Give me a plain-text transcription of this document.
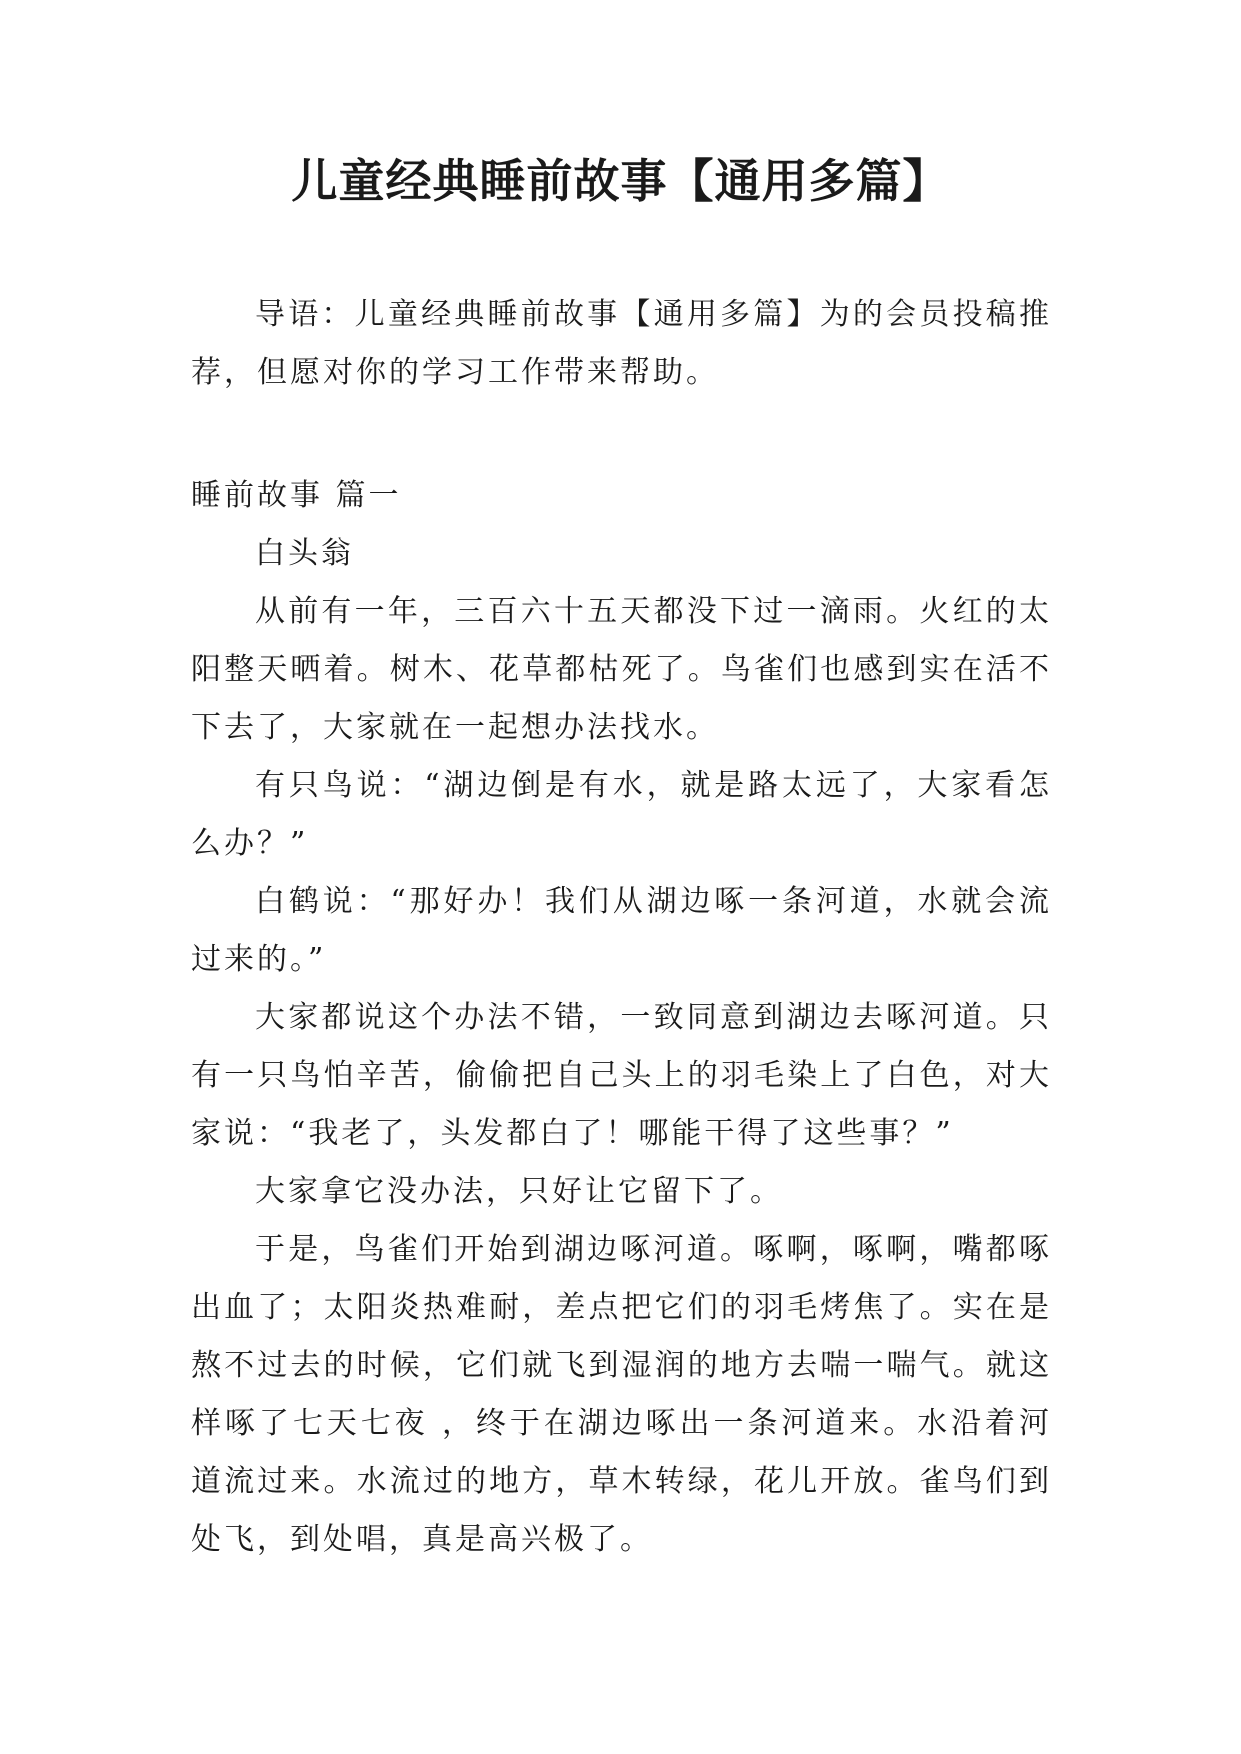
儿童经典睡前故事【通用多篇】

导语：儿童经典睡前故事【通用多篇】为的会员投稿推荐，但愿对你的学习工作带来帮助。

睡前故事 篇一

白头翁

从前有一年，三百六十五天都没下过一滴雨。火红的太阳整天晒着。树木、花草都枯死了。鸟雀们也感到实在活不下去了，大家就在一起想办法找水。

有只鸟说：“湖边倒是有水，就是路太远了，大家看怎么办？”

白鹤说：“那好办！我们从湖边啄一条河道，水就会流过来的。”

大家都说这个办法不错，一致同意到湖边去啄河道。只有一只鸟怕辛苦，偷偷把自己头上的羽毛染上了白色，对大家说：“我老了，头发都白了！哪能干得了这些事？”

大家拿它没办法，只好让它留下了。

于是，鸟雀们开始到湖边啄河道。啄啊，啄啊，嘴都啄出血了；太阳炎热难耐，差点把它们的羽毛烤焦了。实在是熬不过去的时候，它们就飞到湿润的地方去喘一喘气。就这样啄了七天七夜 ，终于在湖边啄出一条河道来。水沿着河道流过来。水流过的地方，草木转绿，花儿开放。雀鸟们到处飞，到处唱，真是高兴极了。
